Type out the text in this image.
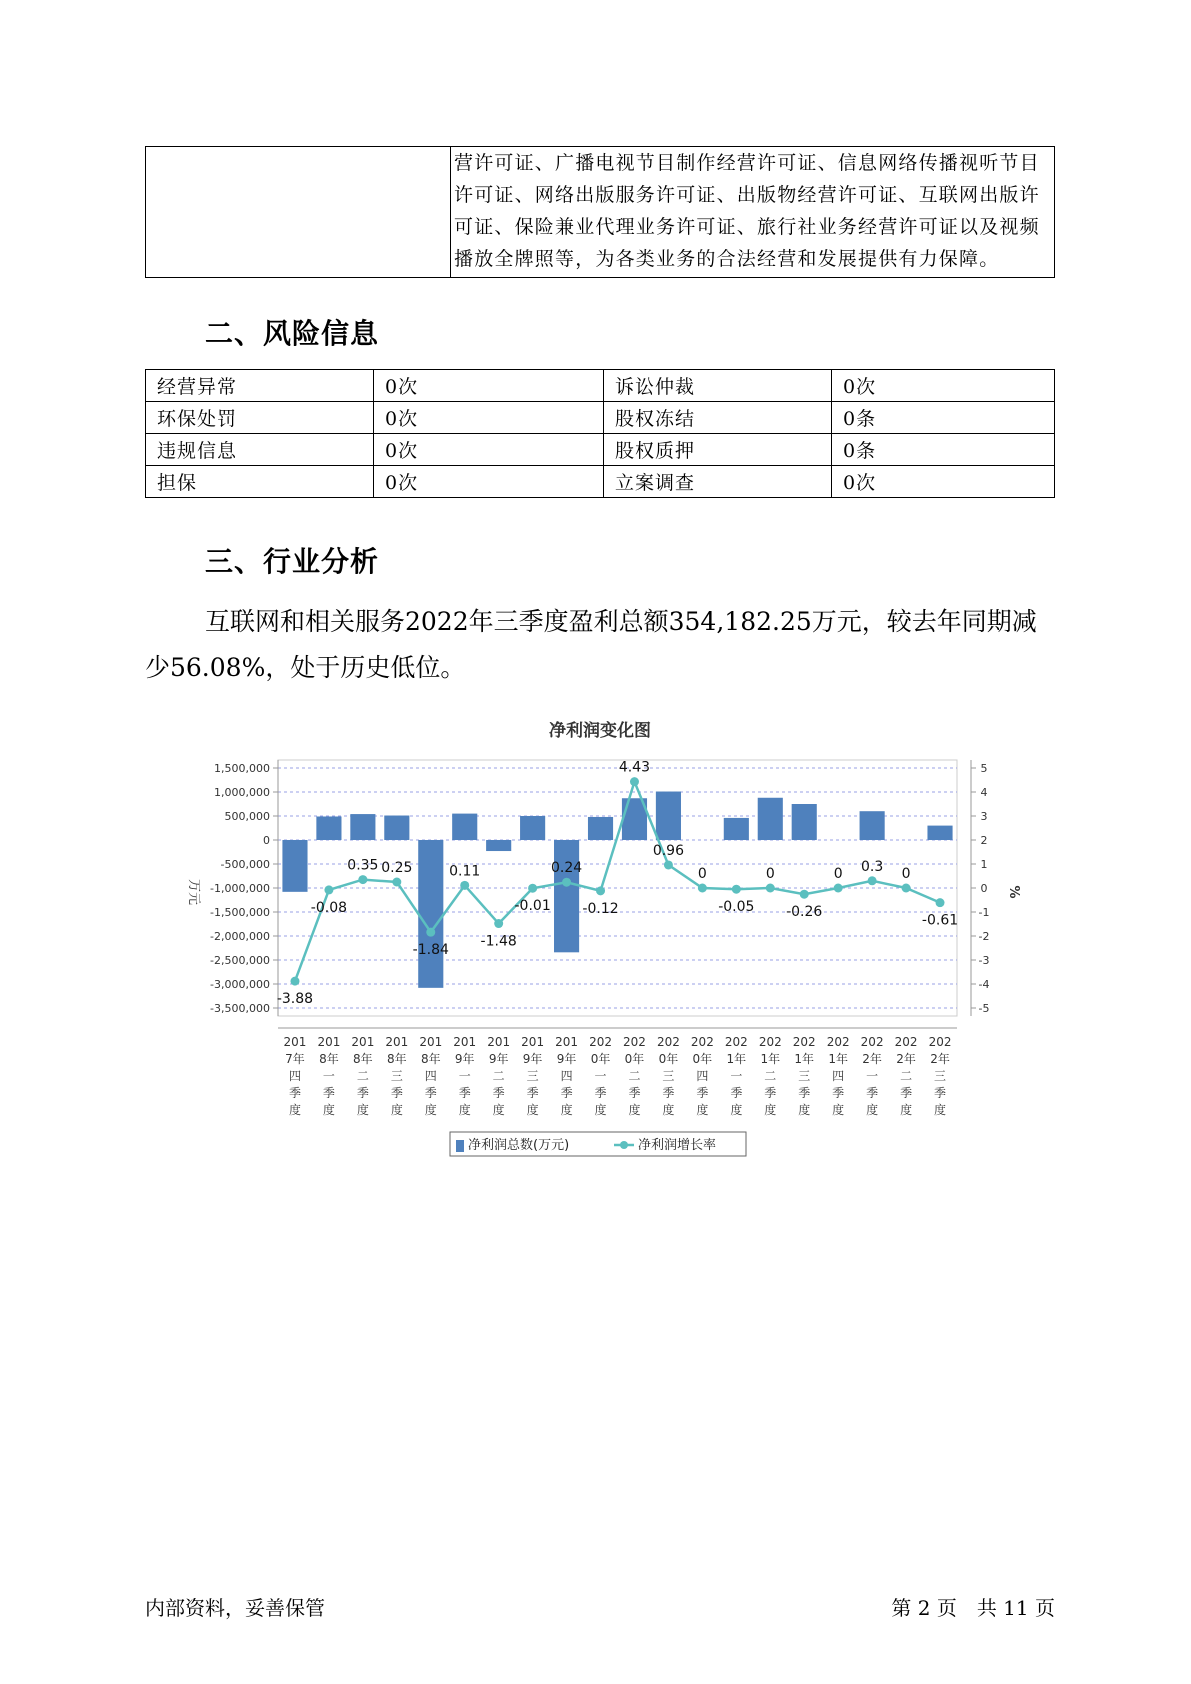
	营许可证、广播电视节目制作经营许可证、信息网络传播视听节目许可证、网络出版服务许可证、出版物经营许可证、互联网出版许可证、保险兼业代理业务许可证、旅行社业务经营许可证以及视频播放全牌照等，为各类业务的合法经营和发展提供有力保障。
二、风险信息
经营异常	0次	诉讼仲裁	0次
环保处罚	0次	股权冻结	0条
违规信息	0次	股权质押	0条
担保	0次	立案调查	0次
三、行业分析
互联网和相关服务2022年三季度盈利总额354,182.25万元，较去年同期减少56.08%，处于历史低位。
净利润变化图
1,500,000
1,000,000
500,000
0
-500,000
-1,000,000
-1,500,000
-2,000,000
-2,500,000
-3,000,000
-3,500,000
5
4
3
2
1
0
-1
-2
-3
-4
-5
万元	%
-3.88
-0.08
0.35 0.25
-1.84
0.11
-1.48
-0.01
0.24
-0.12
4.43
0.96
0
-0.05
0
-0.26
0 0.3 0
-0.61
201
7年
四
季
度
201
8年
一
季
度
201
8年
二
季
度
201
8年
三
季
度
201
8年
四
季
度
201
9年
一
季
度
201
9年
二
季
度
201
9年
三
季
度
201
9年
四
季
度
202
0年
一
季
度
202
0年
二
季
度
202
0年
三
季
度
202
0年
四
季
度
202
1年
一
季
度
202
1年
二
季
度
202
1年
三
季
度
202
1年
四
季
度
202
2年
一
季
度
202
2年
二
季
度
202
2年
三
季
度
净利润总数(万元)	净利润增长率
内部资料，妥善保管	第 2 页　共 11 页
